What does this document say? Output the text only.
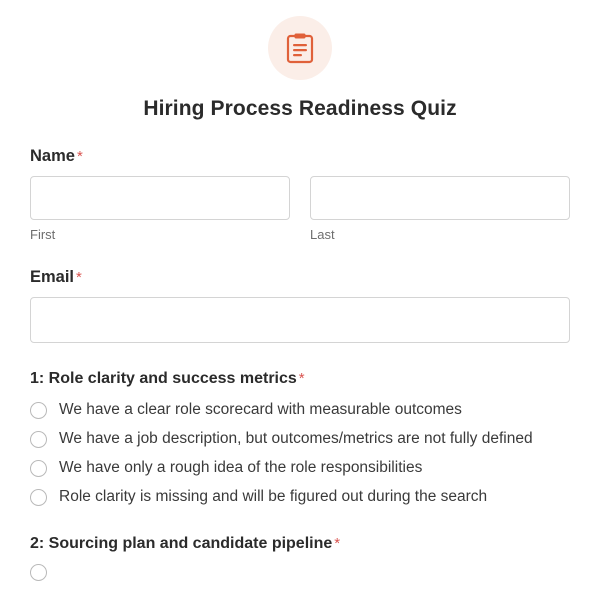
Hiring Process Readiness Quiz
Name *
First	Last
Email *
1: Role clarity and success metrics *
We have a clear role scorecard with measurable outcomes
We have a job description, but outcomes/metrics are not fully defined
We have only a rough idea of the role responsibilities
Role clarity is missing and will be figured out during the search
2: Sourcing plan and candidate pipeline *
